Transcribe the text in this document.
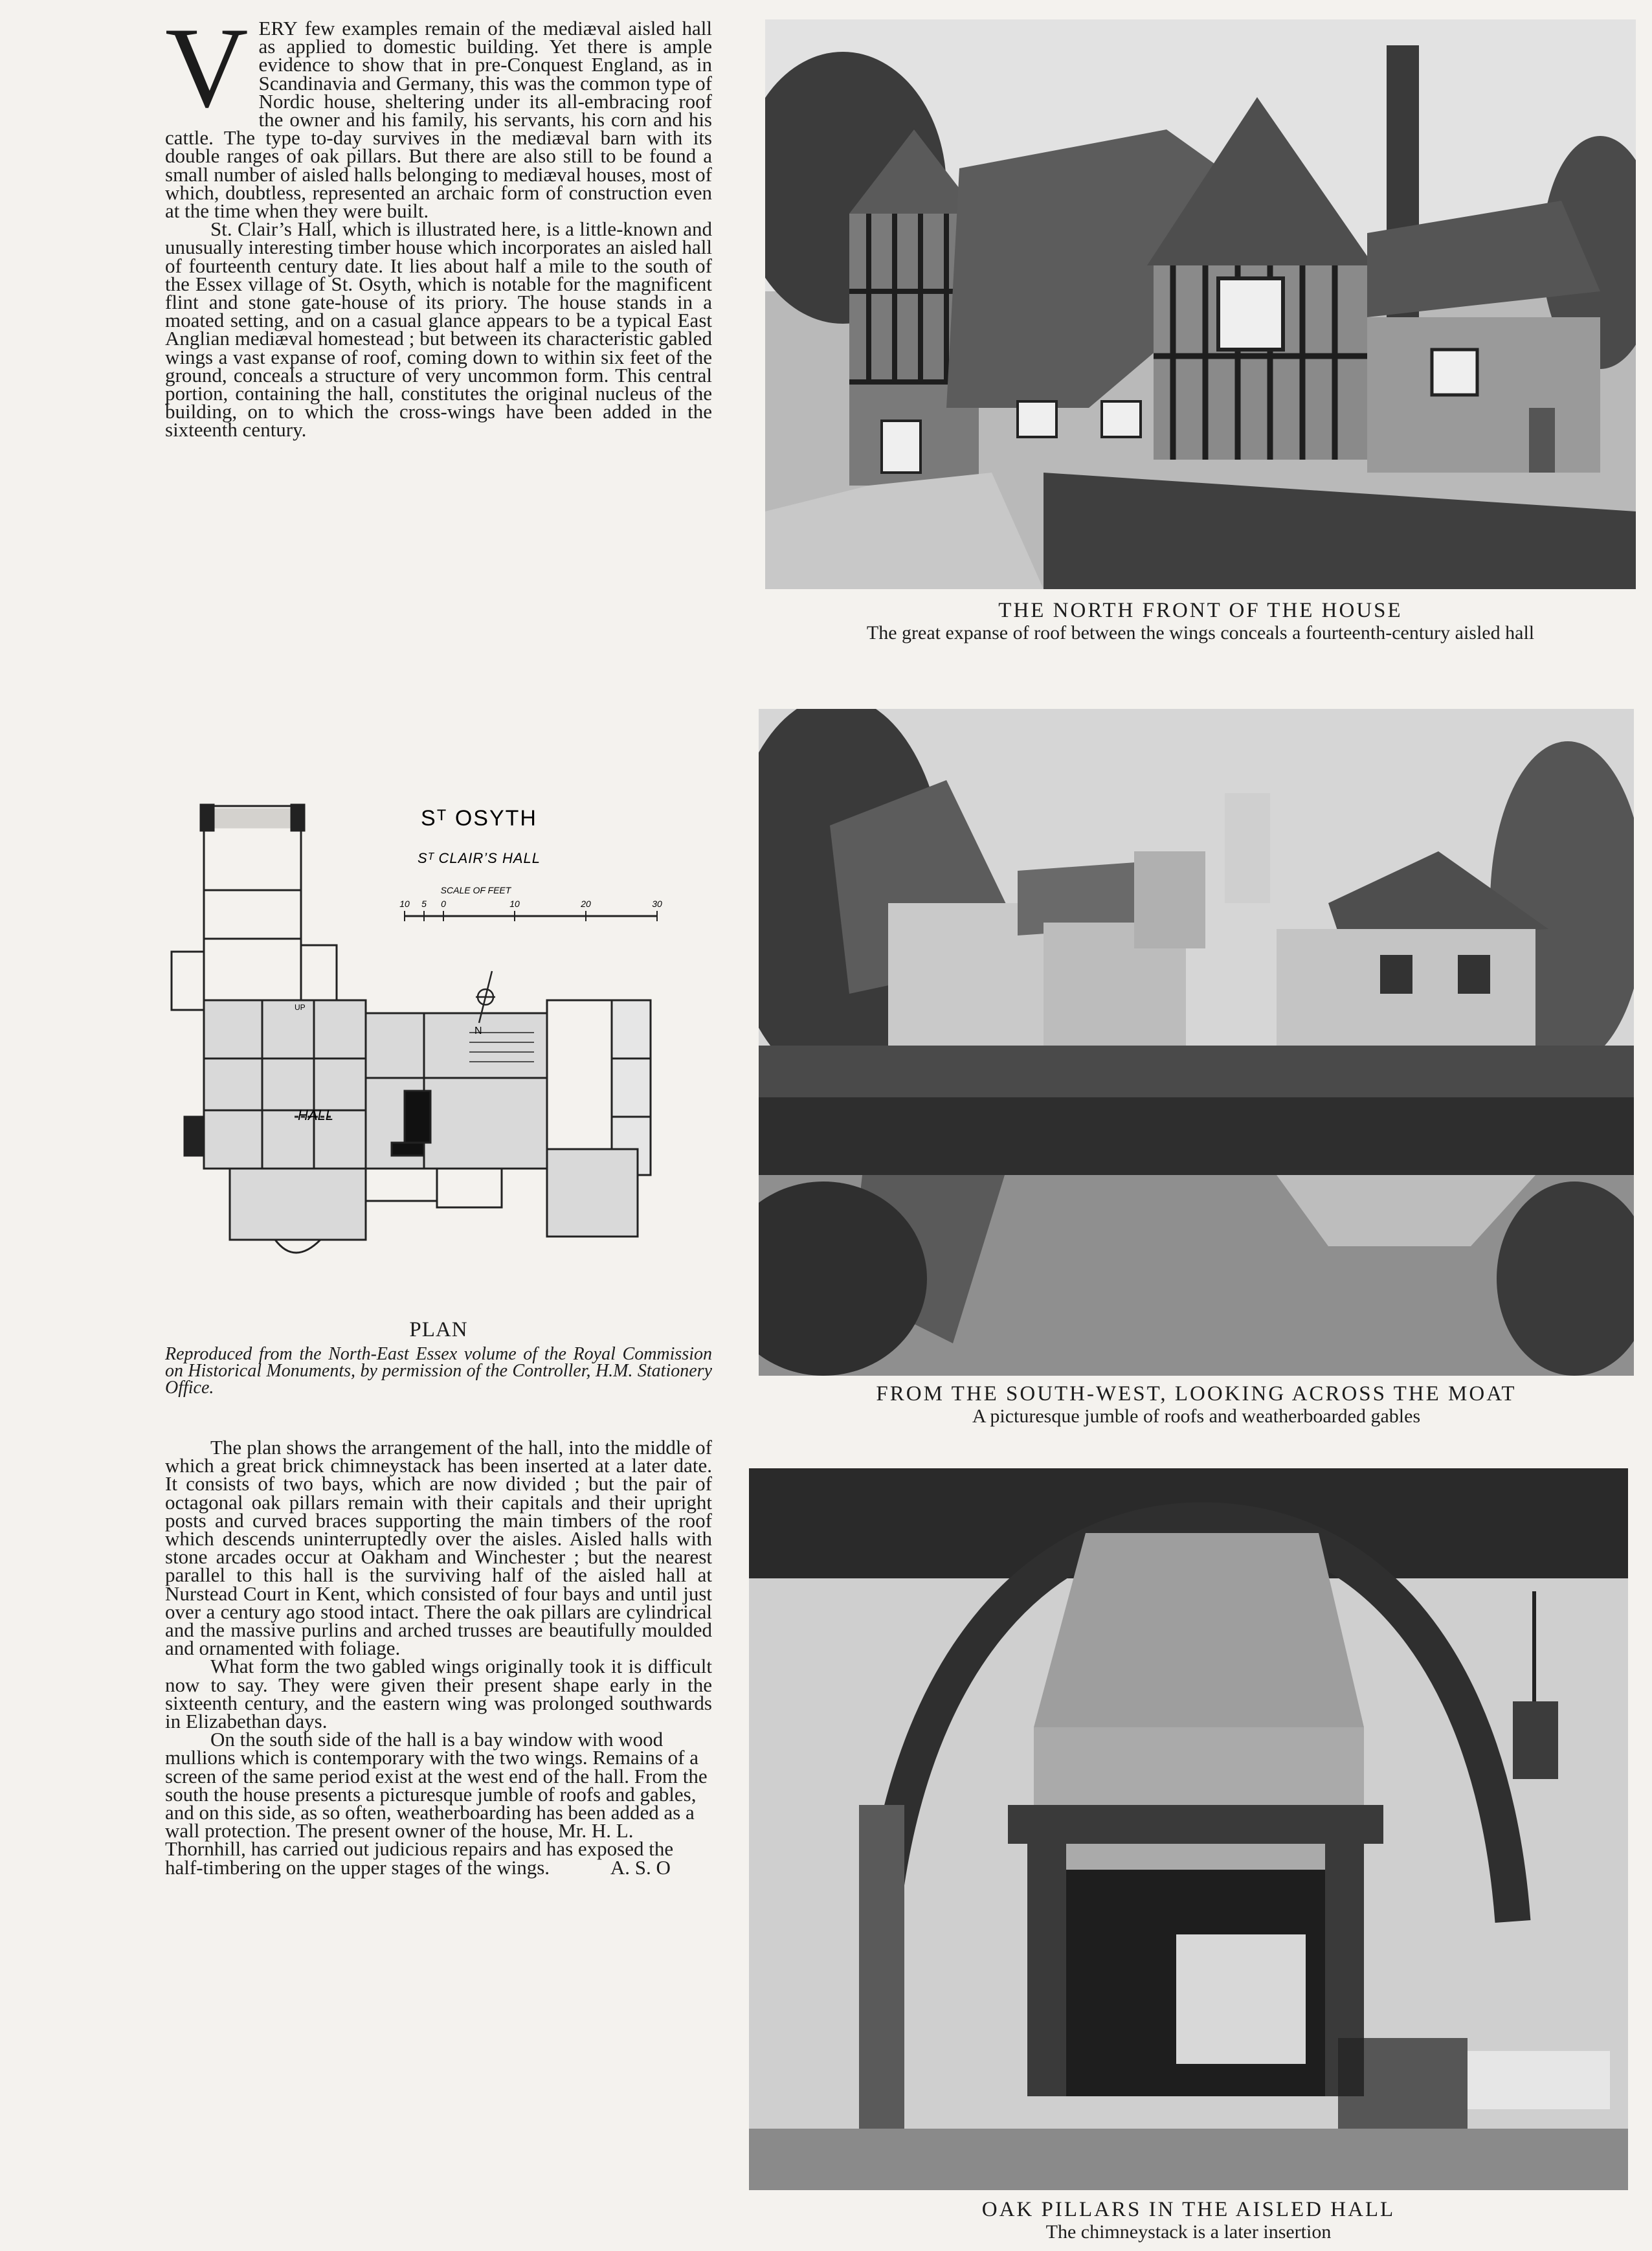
VERY few examples remain of the mediæval aisled hall as applied to domestic building. Yet there is ample evidence to show that in pre-Conquest England, as in Scandinavia and Germany, this was the common type of Nordic house, sheltering under its all-embracing roof the owner and his family, his servants, his corn and his cattle. The type to-day survives in the mediæval barn with its double ranges of oak pillars. But there are also still to be found a small number of aisled halls belonging to mediæval houses, most of which, doubtless, represented an archaic form of construction even at the time when they were built.

St. Clair’s Hall, which is illustrated here, is a little-known and unusually interesting timber house which incorporates an aisled hall of fourteenth century date. It lies about half a mile to the south of the Essex village of St. Osyth, which is notable for the magnificent flint and stone gate-house of its priory. The house stands in a moated setting, and on a casual glance appears to be a typical East Anglian mediæval homestead ; but between its characteristic gabled wings a vast expanse of roof, coming down to within six feet of the ground, conceals a structure of very uncommon form. This central portion, containing the hall, constitutes the original nucleus of the building, on to which the cross-wings have been added in the sixteenth century.

HALL
UP
Sᵀ OSYTH
Sᵀ CLAIR’S HALL
SCALE OF FEET
10 5 0	10	20	30
N

PLAN

Reproduced from the North-East Essex volume of the Royal Commission on Historical Monuments, by permission of the Controller, H.M. Stationery Office.

The plan shows the arrangement of the hall, into the middle of which a great brick chimneystack has been inserted at a later date. It consists of two bays, which are now divided ; but the pair of octagonal oak pillars remain with their capitals and their upright posts and curved braces supporting the main timbers of the roof which descends uninterruptedly over the aisles. Aisled halls with stone arcades occur at Oakham and Winchester ; but the nearest parallel to this hall is the surviving half of the aisled hall at Nurstead Court in Kent, which consisted of four bays and until just over a century ago stood intact. There the oak pillars are cylindrical and the massive purlins and arched trusses are beautifully moulded and ornamented with foliage.

What form the two gabled wings originally took it is difficult now to say. They were given their present shape early in the sixteenth century, and the eastern wing was prolonged southwards in Elizabethan days.

On the south side of the hall is a bay window with wood mullions which is contemporary with the two wings. Remains of a screen of the same period exist at the west end of the hall. From the south the house presents a picturesque jumble of roofs and gables, and on this side, as so often, weatherboarding has been added as a wall protection. The present owner of the house, Mr. H. L. Thornhill, has carried out judicious repairs and has exposed the half-timbering on the upper stages of the wings.	A. S. O

THE NORTH FRONT OF THE HOUSE

The great expanse of roof between the wings conceals a fourteenth-century aisled hall

FROM THE SOUTH-WEST, LOOKING ACROSS THE MOAT

A picturesque jumble of roofs and weatherboarded gables

OAK PILLARS IN THE AISLED HALL

The chimneystack is a later insertion
